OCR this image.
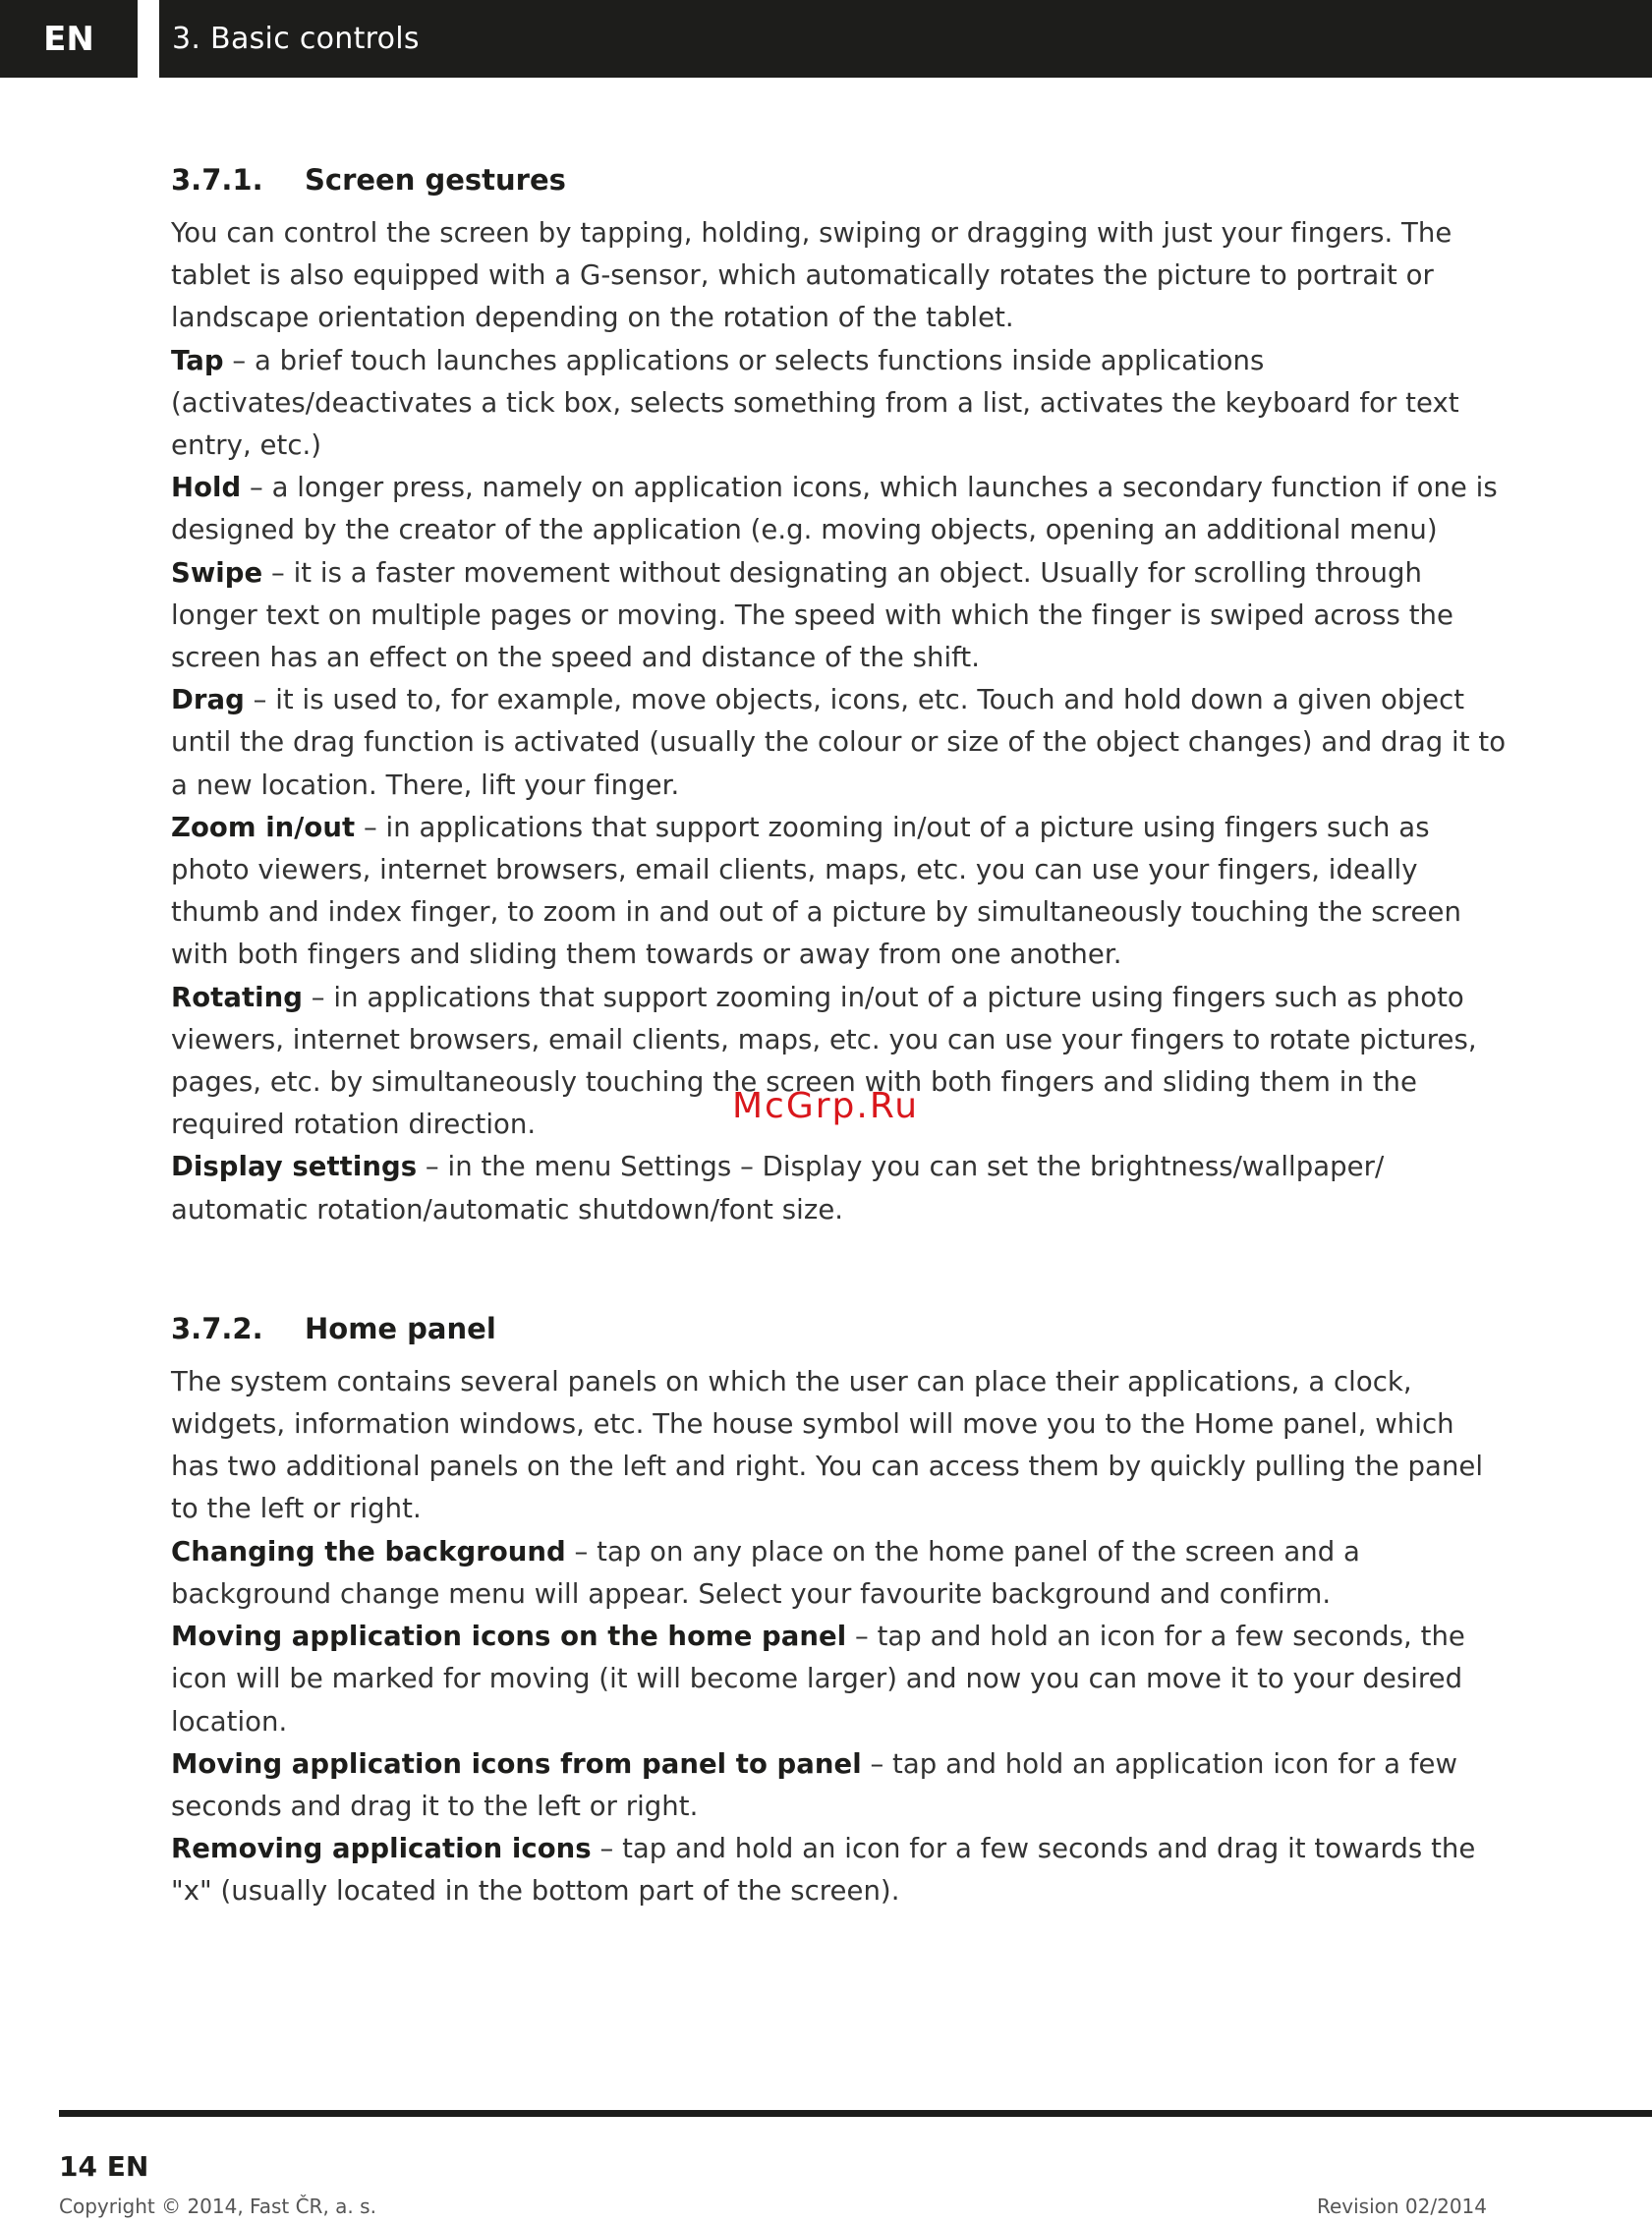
EN	3. Basic controls
3.7.1.	Screen gestures

You can control the screen by tapping, holding, swiping or dragging with just your fingers. The tablet is also equipped with a G-sensor, which automatically rotates the picture to portrait or landscape orientation depending on the rotation of the tablet.

Tap – a brief touch launches applications or selects functions inside applications (activates/deactivates a tick box, selects something from a list, activates the keyboard for text entry, etc.)

Hold – a longer press, namely on application icons, which launches a secondary function if one is designed by the creator of the application (e.g. moving objects, opening an additional menu)

Swipe – it is a faster movement without designating an object. Usually for scrolling through longer text on multiple pages or moving. The speed with which the finger is swiped across the screen has an effect on the speed and distance of the shift.

Drag – it is used to, for example, move objects, icons, etc. Touch and hold down a given object until the drag function is activated (usually the colour or size of the object changes) and drag it to a new location. There, lift your finger.

Zoom in/out – in applications that support zooming in/out of a picture using fingers such as photo viewers, internet browsers, email clients, maps, etc. you can use your fingers, ideally thumb and index finger, to zoom in and out of a picture by simultaneously touching the screen with both fingers and sliding them towards or away from one another.

Rotating – in applications that support zooming in/out of a picture using fingers such as photo viewers, internet browsers, email clients, maps, etc. you can use your fingers to rotate pictures, pages, etc. by simultaneously touching the screen with both fingers and sliding them in the required rotation direction.

Display settings – in the menu Settings – Display you can set the brightness/wallpaper/ automatic rotation/automatic shutdown/font size.

3.7.2.	Home panel

The system contains several panels on which the user can place their applications, a clock, widgets, information windows, etc. The house symbol will move you to the Home panel, which has two additional panels on the left and right. You can access them by quickly pulling the panel to the left or right.

Changing the background – tap on any place on the home panel of the screen and a background change menu will appear. Select your favourite background and confirm.

Moving application icons on the home panel – tap and hold an icon for a few seconds, the icon will be marked for moving (it will become larger) and now you can move it to your desired location.

Moving application icons from panel to panel – tap and hold an application icon for a few seconds and drag it to the left or right.

Removing application icons – tap and hold an icon for a few seconds and drag it towards the "x" (usually located in the bottom part of the screen).

McGrp.Ru
14 EN
Copyright © 2014, Fast ČR, a. s.	Revision 02/2014
